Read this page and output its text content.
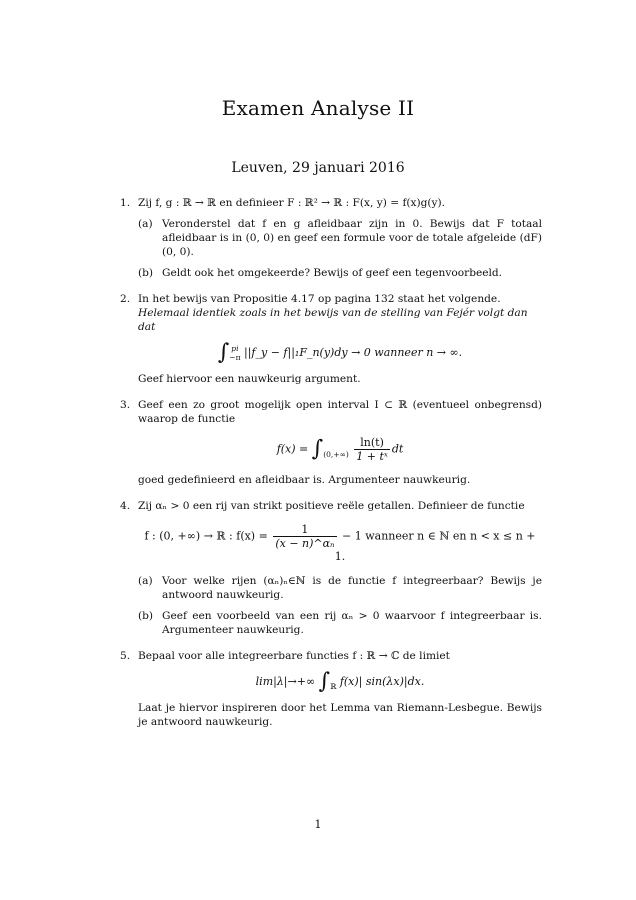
Examen Analyse II
Leuven, 29 januari 2016
1. Zij f, g : ℝ → ℝ en definieer F : ℝ² → ℝ : F(x, y) = f(x)g(y).
(a) Veronderstel dat f en g afleidbaar zijn in 0. Bewijs dat F totaal afleidbaar is in (0, 0) en geef een formule voor de totale afgeleide (dF)(0, 0).
(b) Geldt ook het omgekeerde? Bewijs of geef een tegenvoorbeeld.
2. In het bewijs van Propositie 4.17 op pagina 132 staat het volgende.
Helemaal identiek zoals in het bewijs van de stelling van Fejér volgt dan dat
∫ pi
−π ||f_y − f||₁F_n(y)dy → 0 wanneer n → ∞.
Geef hiervoor een nauwkeurig argument.
3. Geef een zo groot mogelijk open interval I ⊂ ℝ (eventueel onbegrensd) waarop de functie
f(x) = ∫
$(0,+\infty) \frac{\ln(t)}{\text{1 + tˣ}}$ dt
goed gedefinieerd en afleidbaar is. Argumenteer nauwkeurig.
4. Zij αₙ > 0 een rij van strikt positieve reële getallen. Definieer de functie
f : (0, +∞) → ℝ : $f(x) = \frac{1}{\text{(x − n)\textasciicircum{}αₙ}} - 1$ wanneer n ∈ ℕ en n < x ≤ n + 1.
(a) Voor welke rijen (αₙ)ₙ∈ℕ is de functie f integreerbaar? Bewijs je antwoord nauwkeurig.
(b) Geef een voorbeeld van een rij αₙ > 0 waarvoor f integreerbaar is. Argumenteer nauwkeurig.
5. Bepaal voor alle integreerbare functies f : ℝ → ℂ de limiet
lim|λ|→+∞ ∫
ℝ f(x)| sin(λx)|dx.
Laat je hiervor inspireren door het Lemma van Riemann-Lesbegue. Bewijs je antwoord nauwkeurig.
1
